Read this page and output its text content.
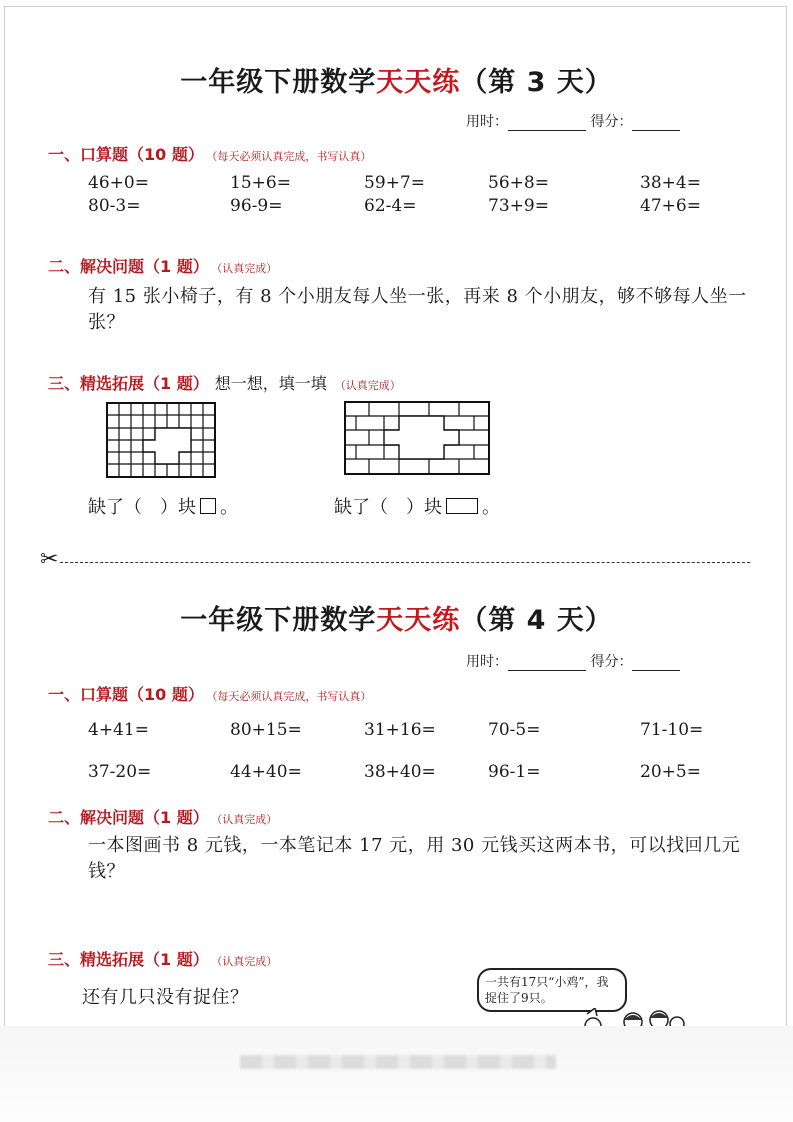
一年级下册数学天天练（第 3 天）
用时：	得分：
一、口算题（10 题） （每天必须认真完成，书写认真）
46+0=	15+6=	59+7=	56+8=	38+4=
80-3=	96-9=	62-4=	73+9=	47+6=
二、解决问题（1 题） （认真完成）
有 15 张小椅子，有 8 个小朋友每人坐一张，再来 8 个小朋友，够不够每人坐一张？
三、精选拓展（1 题） 想一想，填一填 （认真完成）
缺了（　）块 。	缺了（　）块 。
✂
一年级下册数学天天练（第 4 天）
用时：	得分：
一、口算题（10 题） （每天必须认真完成，书写认真）
4+41=	80+15=	31+16=	70-5=	71-10=
37-20=	44+40=	38+40=	96-1=	20+5=
二、解决问题（1 题） （认真完成）
一本图画书 8 元钱，一本笔记本 17 元，用 30 元钱买这两本书，可以找回几元钱？
三、精选拓展（1 题） （认真完成）
还有几只没有捉住？
一共有17只“小鸡”，我捉住了9只。
